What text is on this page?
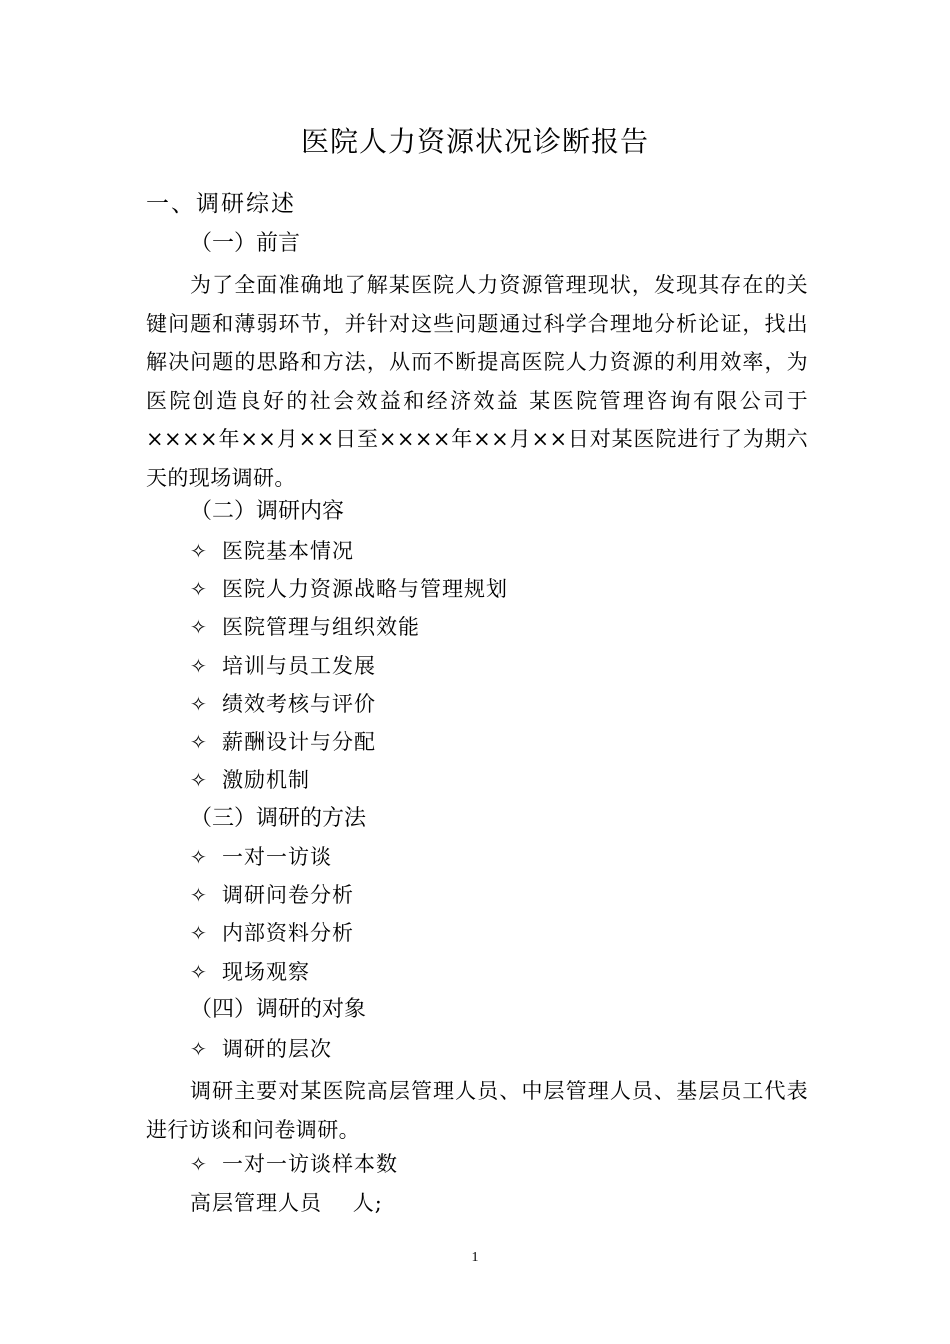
医院人力资源状况诊断报告
一、调研综述
（一）前言
为了全面准确地了解某医院人力资源管理现状，发现其存在的关键问题和薄弱环节，并针对这些问题通过科学合理地分析论证，找出解决问题的思路和方法，从而不断提高医院人力资源的利用效率，为医院创造良好的社会效益和经济效益 某医院管理咨询有限公司于××××年××月××日至××××年××月××日对某医院进行了为期六天的现场调研。
（二）调研内容
✧ 医院基本情况
✧ 医院人力资源战略与管理规划
✧ 医院管理与组织效能
✧ 培训与员工发展
✧ 绩效考核与评价
✧ 薪酬设计与分配
✧ 激励机制
（三）调研的方法
✧ 一对一访谈
✧ 调研问卷分析
✧ 内部资料分析
✧ 现场观察
（四）调研的对象
✧ 调研的层次
调研主要对某医院高层管理人员、中层管理人员、基层员工代表进行访谈和问卷调研。
✧ 一对一访谈样本数
高层管理人员    人;
1
